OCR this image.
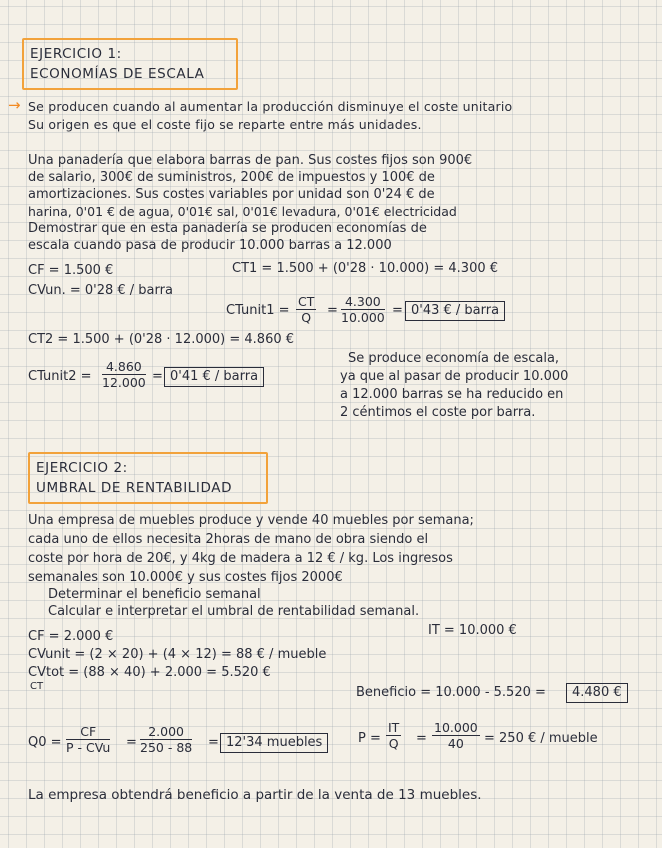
EJERCICIO 1:
ECONOMÍAS DE ESCALA
→ Se producen cuando al aumentar la producción disminuye el coste unitario
Su origen es que el coste fijo se reparte entre más unidades.
Una panadería que elabora barras de pan. Sus costes fijos son 900€
de salario, 300€ de suministros, 200€ de impuestos y 100€ de
amortizaciones. Sus costes variables por unidad son 0'24 € de
harina, 0'01 € de agua, 0'01€ sal, 0'01€ levadura, 0'01€ electricidad
Demostrar que en esta panadería se producen economías de
escala cuando pasa de producir 10.000 barras a 12.000
CF = 1.500 €
CVun. = 0'28 € / barra
CT1 = 1.500 + (0'28 · 10.000) = 4.300 €
CTunit1 = $\frac{CT}{Q} = \frac{4.300}{10.000} = 0'43$ € / barra
CT2 = 1.500 + (0'28 · 12.000) = 4.860 €
CTunit2 = $\frac{4.860}{12.000} = 0'41$ € / barra
Se produce economía de escala,
ya que al pasar de producir 10.000
a 12.000 barras se ha reducido en
2 céntimos el coste por barra.
EJERCICIO 2:
UMBRAL DE RENTABILIDAD
Una empresa de muebles produce y vende 40 muebles por semana;
cada uno de ellos necesita 2horas de mano de obra siendo el
coste por hora de 20€, y 4kg de madera a 12 € / kg. Los ingresos
semanales son 10.000€ y sus costes fijos 2000€
Determinar el beneficio semanal
Calcular e interpretar el umbral de rentabilidad semanal.
CF = 2.000 €	IT = 10.000 €
CVunit = (2 × 20) + (4 × 12) = 88 € / mueble
CVtot = (88 × 40) + 2.000 = 5.520 €
CT	Beneficio = 10.000 - 5.520 =	4.480 €
Q0 =
CF
P - CVu = $\frac{2.000}{250 - 88} = 12'34$ muebles	$P = \frac{IT}{Q} = \frac{10.000}{40} = 250$ € / mueble
La empresa obtendrá beneficio a partir de la venta de 13 muebles.
